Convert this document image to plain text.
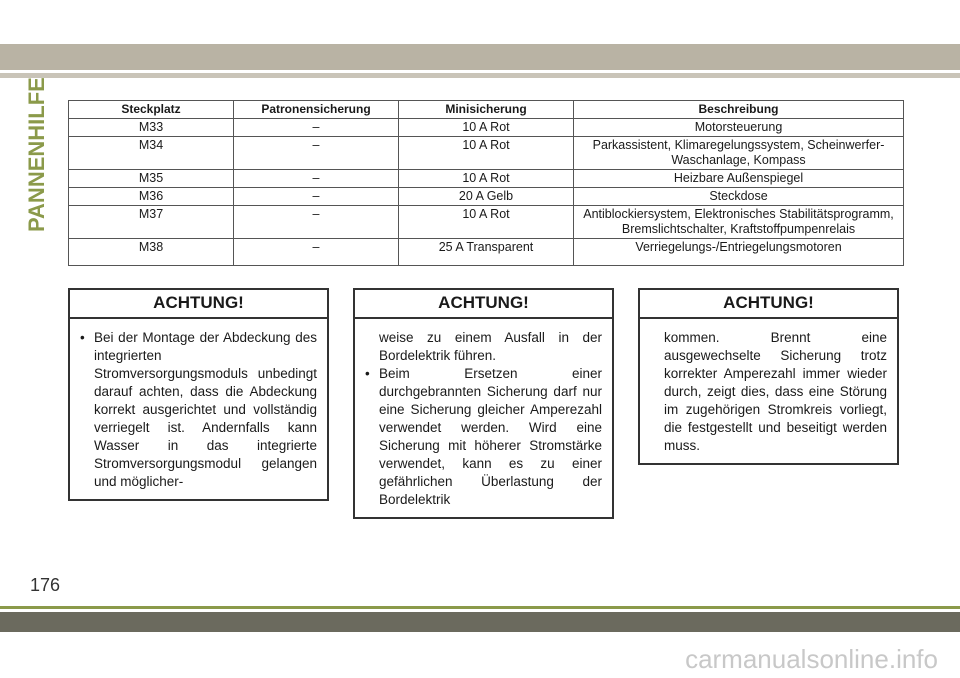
PANNENHILFE	Steckplatz	Patronensicherung	Minisicherung	Beschreibung
M33	–	10 A Rot	Motorsteuerung
M34	–	10 A Rot	Parkassistent, Klimaregelungssystem, Scheinwerfer-Waschanlage, Kompass
M35	–	10 A Rot	Heizbare Außenspiegel
M36	–	20 A Gelb	Steckdose
M37	–	10 A Rot	Antiblockiersystem, Elektronisches Stabilitätsprogramm, Bremslichtschalter, Kraftstoffpumpenrelais
M38	–	25 A Transparent	Verriegelungs-/Entriegelungsmotoren
ACHTUNG!
• Bei der Montage der Abdeckung des integrierten Stromversorgungsmoduls unbedingt darauf achten, dass die Abdeckung korrekt ausgerichtet und vollständig verriegelt ist. Andernfalls kann Wasser in das integrierte Stromversorgungsmodul gelangen und möglicher-

ACHTUNG!

weise zu einem Ausfall in der Bordelektrik führen.

• Beim Ersetzen einer durchgebrannten Sicherung darf nur eine Sicherung gleicher Amperezahl verwendet werden. Wird eine Sicherung mit höherer Stromstärke verwendet, kann es zu einer gefährlichen Überlastung der Bordelektrik

ACHTUNG!

kommen. Brennt eine ausgewechselte Sicherung trotz korrekter Amperezahl immer wieder durch, zeigt dies, dass eine Störung im zugehörigen Stromkreis vorliegt, die festgestellt und beseitigt werden muss.

176
carmanualsonline.info
